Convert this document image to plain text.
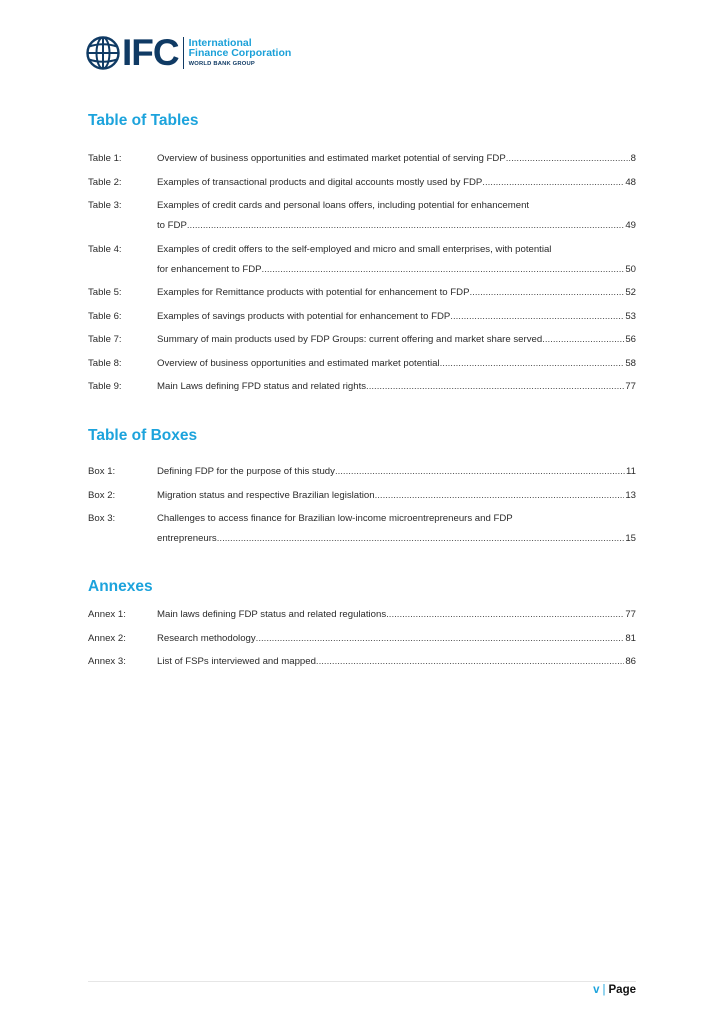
IFC International
Finance Corporation
WORLD BANK GROUP
Table of Tables
Table 1:	Overview of business opportunities and estimated market potential of serving FDP .....	8
Table 2:	Examples of transactional products and digital accounts mostly used by FDP .....	48
Table 3:	Examples of credit cards and personal loans offers, including potential for enhancement
to FDP .....	49
Table 4:	Examples of credit offers to the self-employed and micro and small enterprises, with potential
for enhancement to FDP .....	50
Table 5:	Examples for Remittance products with potential for enhancement to FDP .....	52
Table 6:	Examples of savings products with potential for enhancement to FDP .....	53
Table 7:	Summary of main products used by FDP Groups: current offering and market share served .....	56
Table 8:	Overview of business opportunities and estimated market potential .....	58
Table 9:	Main Laws defining FPD status and related rights .....	77
Table of Boxes
Box 1:	Defining FDP for the purpose of this study .....	11
Box 2:	Migration status and respective Brazilian legislation .....	13
Box 3:	Challenges to access finance for Brazilian low-income microentrepreneurs and FDP
entrepreneurs .....	15
Annexes
Annex 1:	Main laws defining FDP status and related regulations .....	77
Annex 2:	Research methodology .....	81
Annex 3:	List of FSPs interviewed and mapped .....	86
v | Page
